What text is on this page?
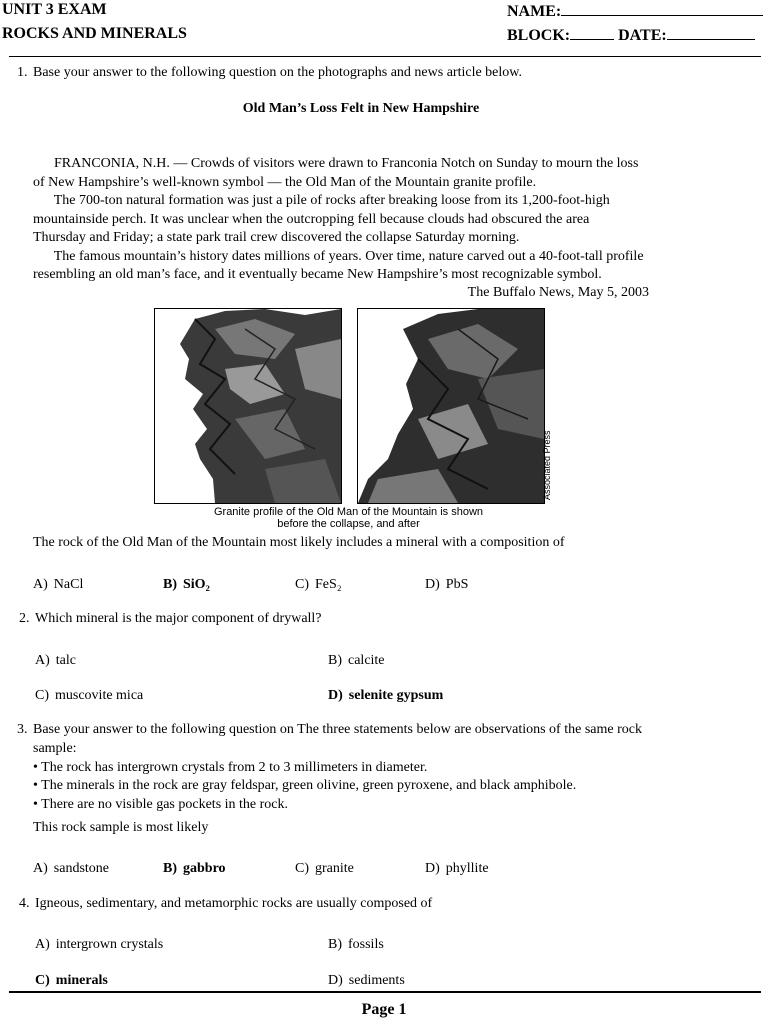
UNIT 3 EXAM
ROCKS AND MINERALS
NAME:
BLOCK:	DATE:
1. Base your answer to the following question on the photographs and news article below.
Old Man’s Loss Felt in New Hampshire
FRANCONIA, N.H. — Crowds of visitors were drawn to Franconia Notch on Sunday to mourn the loss
of New Hampshire’s well-known symbol — the Old Man of the Mountain granite profile.
The 700-ton natural formation was just a pile of rocks after breaking loose from its 1,200-foot-high
mountainside perch. It was unclear when the outcropping fell because clouds had obscured the area
Thursday and Friday; a state park trail crew discovered the collapse Saturday morning.
The famous mountain’s history dates millions of years. Over time, nature carved out a 40-foot-tall profile
resembling an old man’s face, and it eventually became New Hampshire’s most recognizable symbol.
The Buffalo News, May 5, 2003
Associated Press
Granite profile of the Old Man of the Mountain is shown
before the collapse, and after
The rock of the Old Man of the Mountain most likely includes a mineral with a composition of
A) NaCl	B) SiO₂	C) FeS₂	D) PbS
2. Which mineral is the major component of drywall?
A) talc	B) calcite
C) muscovite mica	D) selenite gypsum
3. Base your answer to the following question on The three statements below are observations of the same rock
sample:
• The rock has intergrown crystals from 2 to 3 millimeters in diameter.
• The minerals in the rock are gray feldspar, green olivine, green pyroxene, and black amphibole.
• There are no visible gas pockets in the rock.
This rock sample is most likely
A) sandstone	B) gabbro	C) granite	D) phyllite
4. Igneous, sedimentary, and metamorphic rocks are usually composed of
A) intergrown crystals	B) fossils
C) minerals	D) sediments
Page 1
